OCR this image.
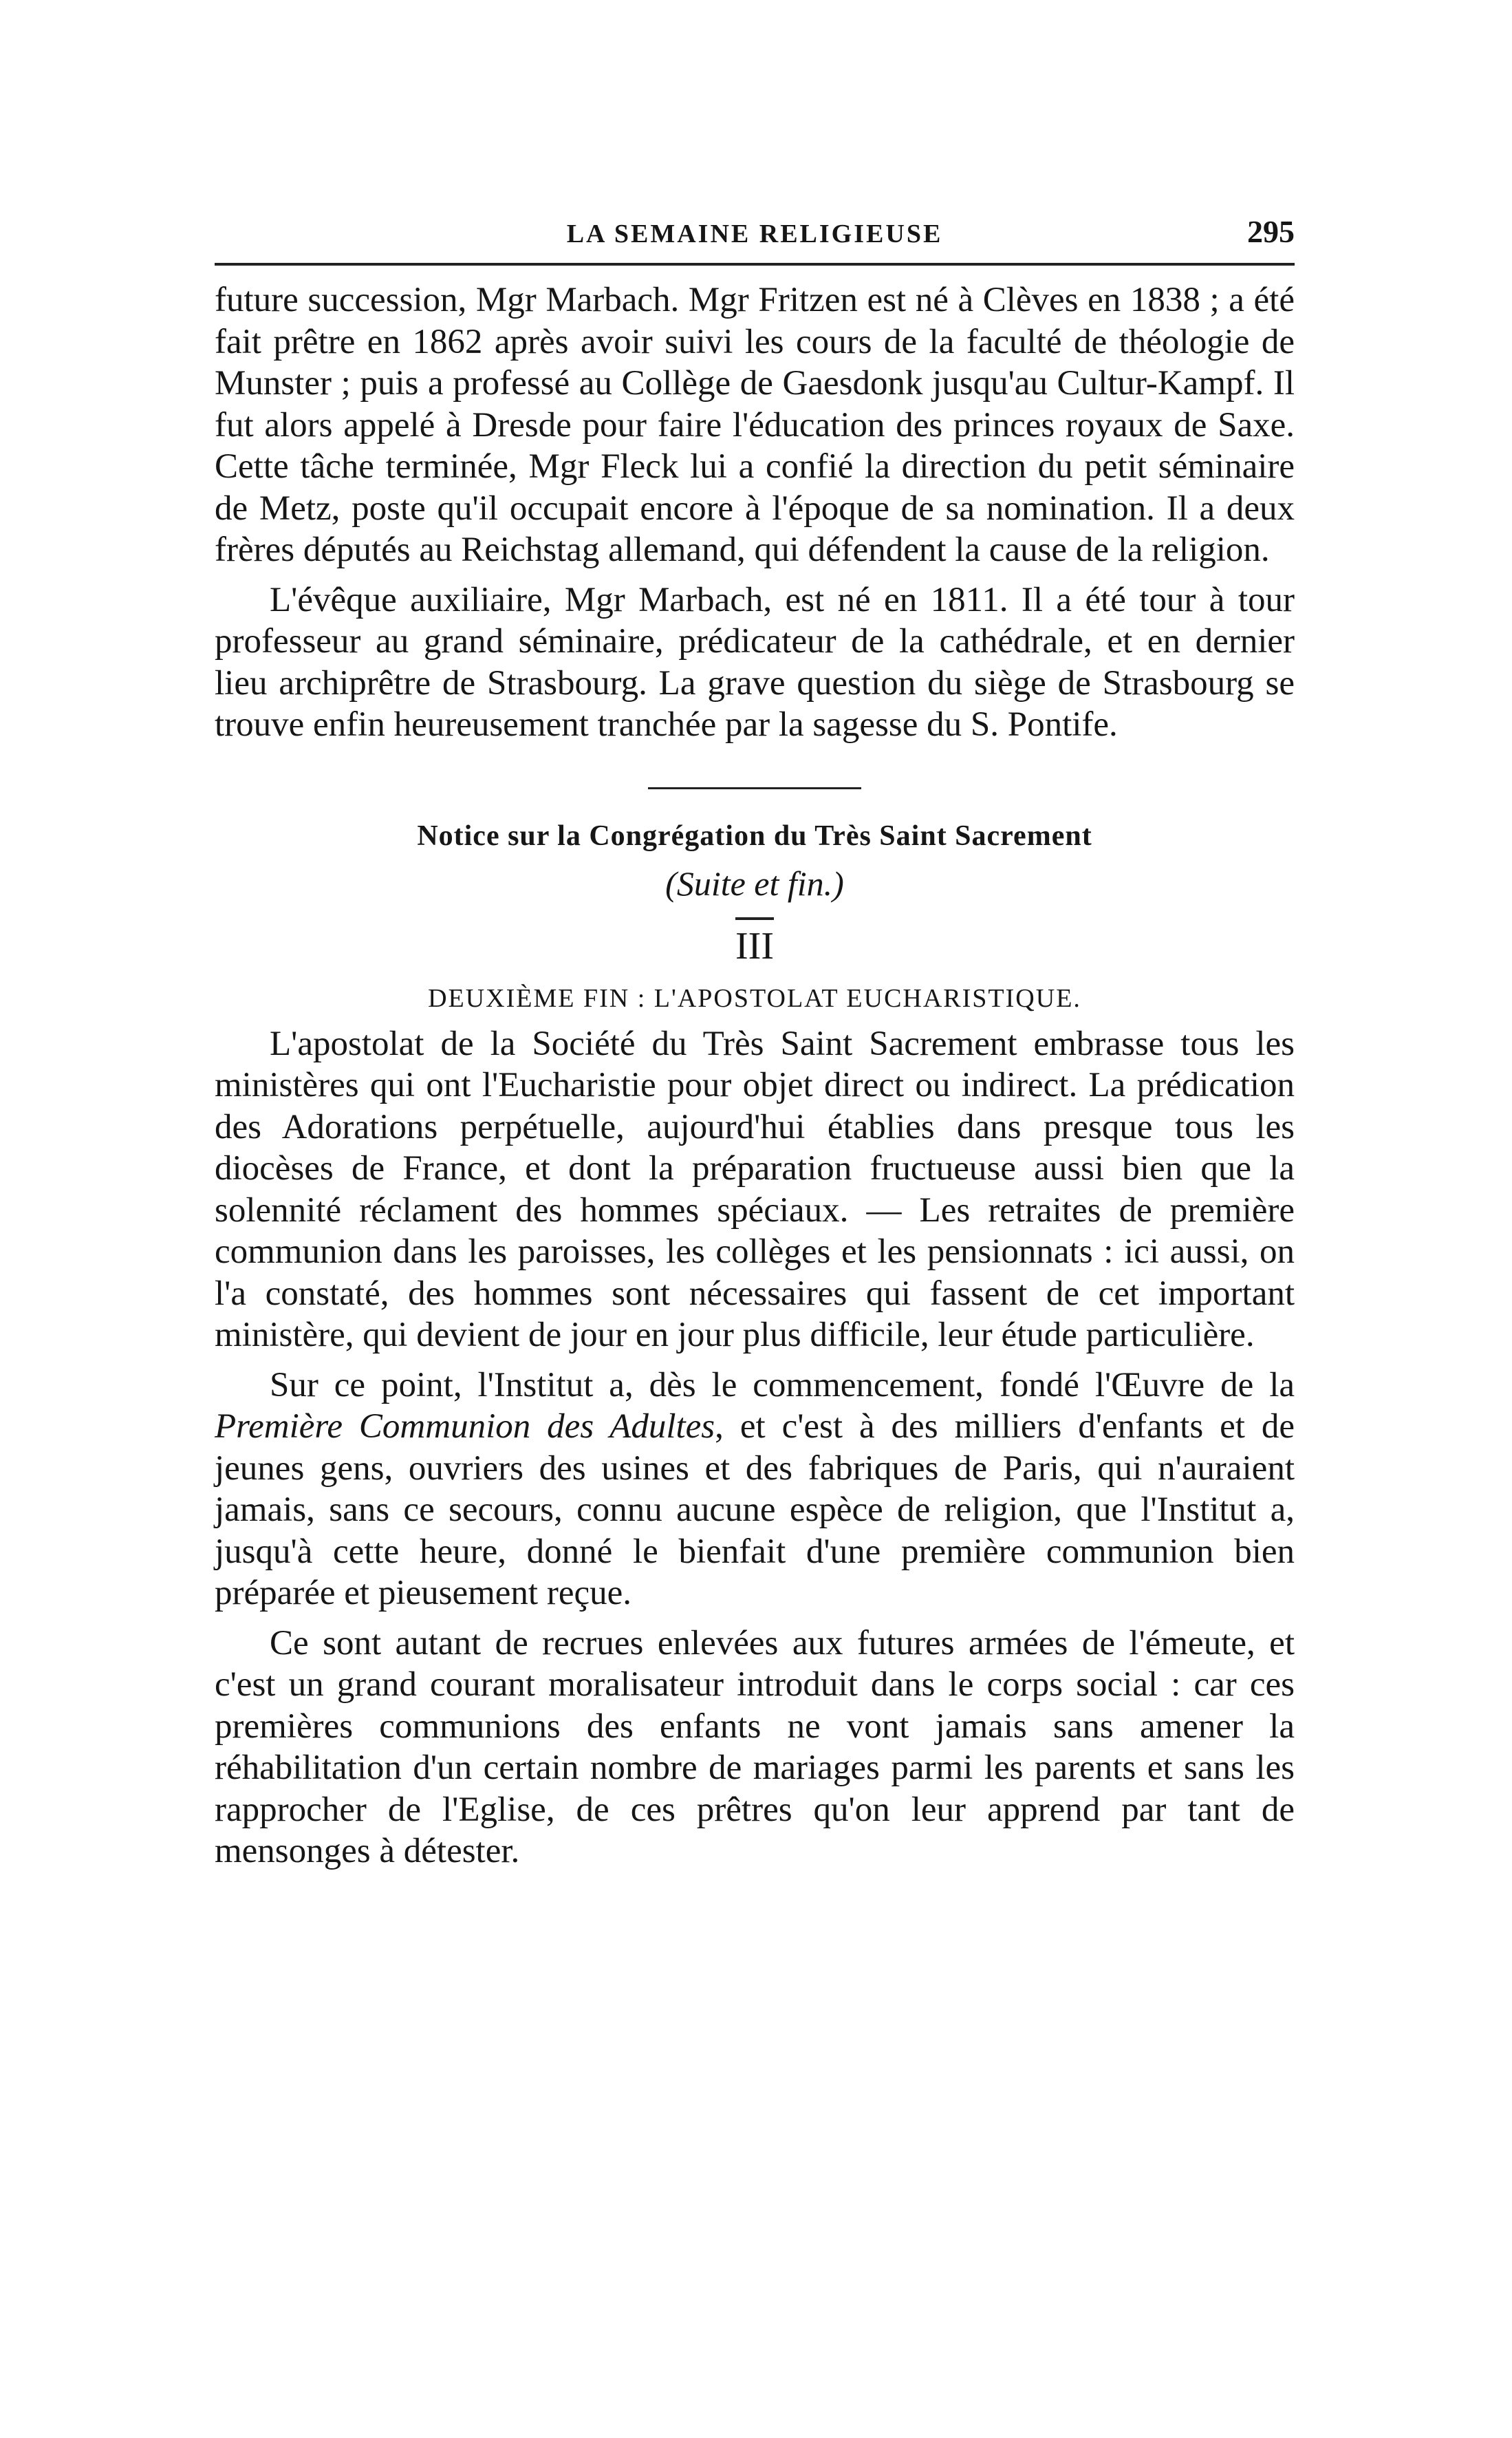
LA SEMAINE RELIGIEUSE	295

future succession, Mgr Marbach. Mgr Fritzen est né à Clèves en 1838 ; a été fait prêtre en 1862 après avoir suivi les cours de la faculté de théologie de Munster ; puis a professé au Collège de Gaesdonk jusqu'au Cultur-Kampf. Il fut alors appelé à Dresde pour faire l'éducation des princes royaux de Saxe. Cette tâche terminée, Mgr Fleck lui a confié la direction du petit séminaire de Metz, poste qu'il occupait encore à l'époque de sa nomination. Il a deux frères députés au Reichstag allemand, qui défendent la cause de la religion.

L'évêque auxiliaire, Mgr Marbach, est né en 1811. Il a été tour à tour professeur au grand séminaire, prédicateur de la cathédrale, et en dernier lieu archiprêtre de Strasbourg. La grave question du siège de Strasbourg se trouve enfin heureusement tranchée par la sagesse du S. Pontife.

Notice sur la Congrégation du Très Saint Sacrement

(Suite et fin.)

III

DEUXIÈME FIN : L'APOSTOLAT EUCHARISTIQUE.

L'apostolat de la Société du Très Saint Sacrement embrasse tous les ministères qui ont l'Eucharistie pour objet direct ou indirect. La prédication des Adorations perpétuelle, aujourd'hui établies dans presque tous les diocèses de France, et dont la préparation fructueuse aussi bien que la solennité réclament des hommes spéciaux. — Les retraites de première communion dans les paroisses, les collèges et les pensionnats : ici aussi, on l'a constaté, des hommes sont nécessaires qui fassent de cet important ministère, qui devient de jour en jour plus difficile, leur étude particulière.

Sur ce point, l'Institut a, dès le commencement, fondé l'Œuvre de la Première Communion des Adultes, et c'est à des milliers d'enfants et de jeunes gens, ouvriers des usines et des fabriques de Paris, qui n'auraient jamais, sans ce secours, connu aucune espèce de religion, que l'Institut a, jusqu'à cette heure, donné le bienfait d'une première communion bien préparée et pieusement reçue.

Ce sont autant de recrues enlevées aux futures armées de l'émeute, et c'est un grand courant moralisateur introduit dans le corps social : car ces premières communions des enfants ne vont jamais sans amener la réhabilitation d'un certain nombre de mariages parmi les parents et sans les rapprocher de l'Eglise, de ces prêtres qu'on leur apprend par tant de mensonges à détester.
